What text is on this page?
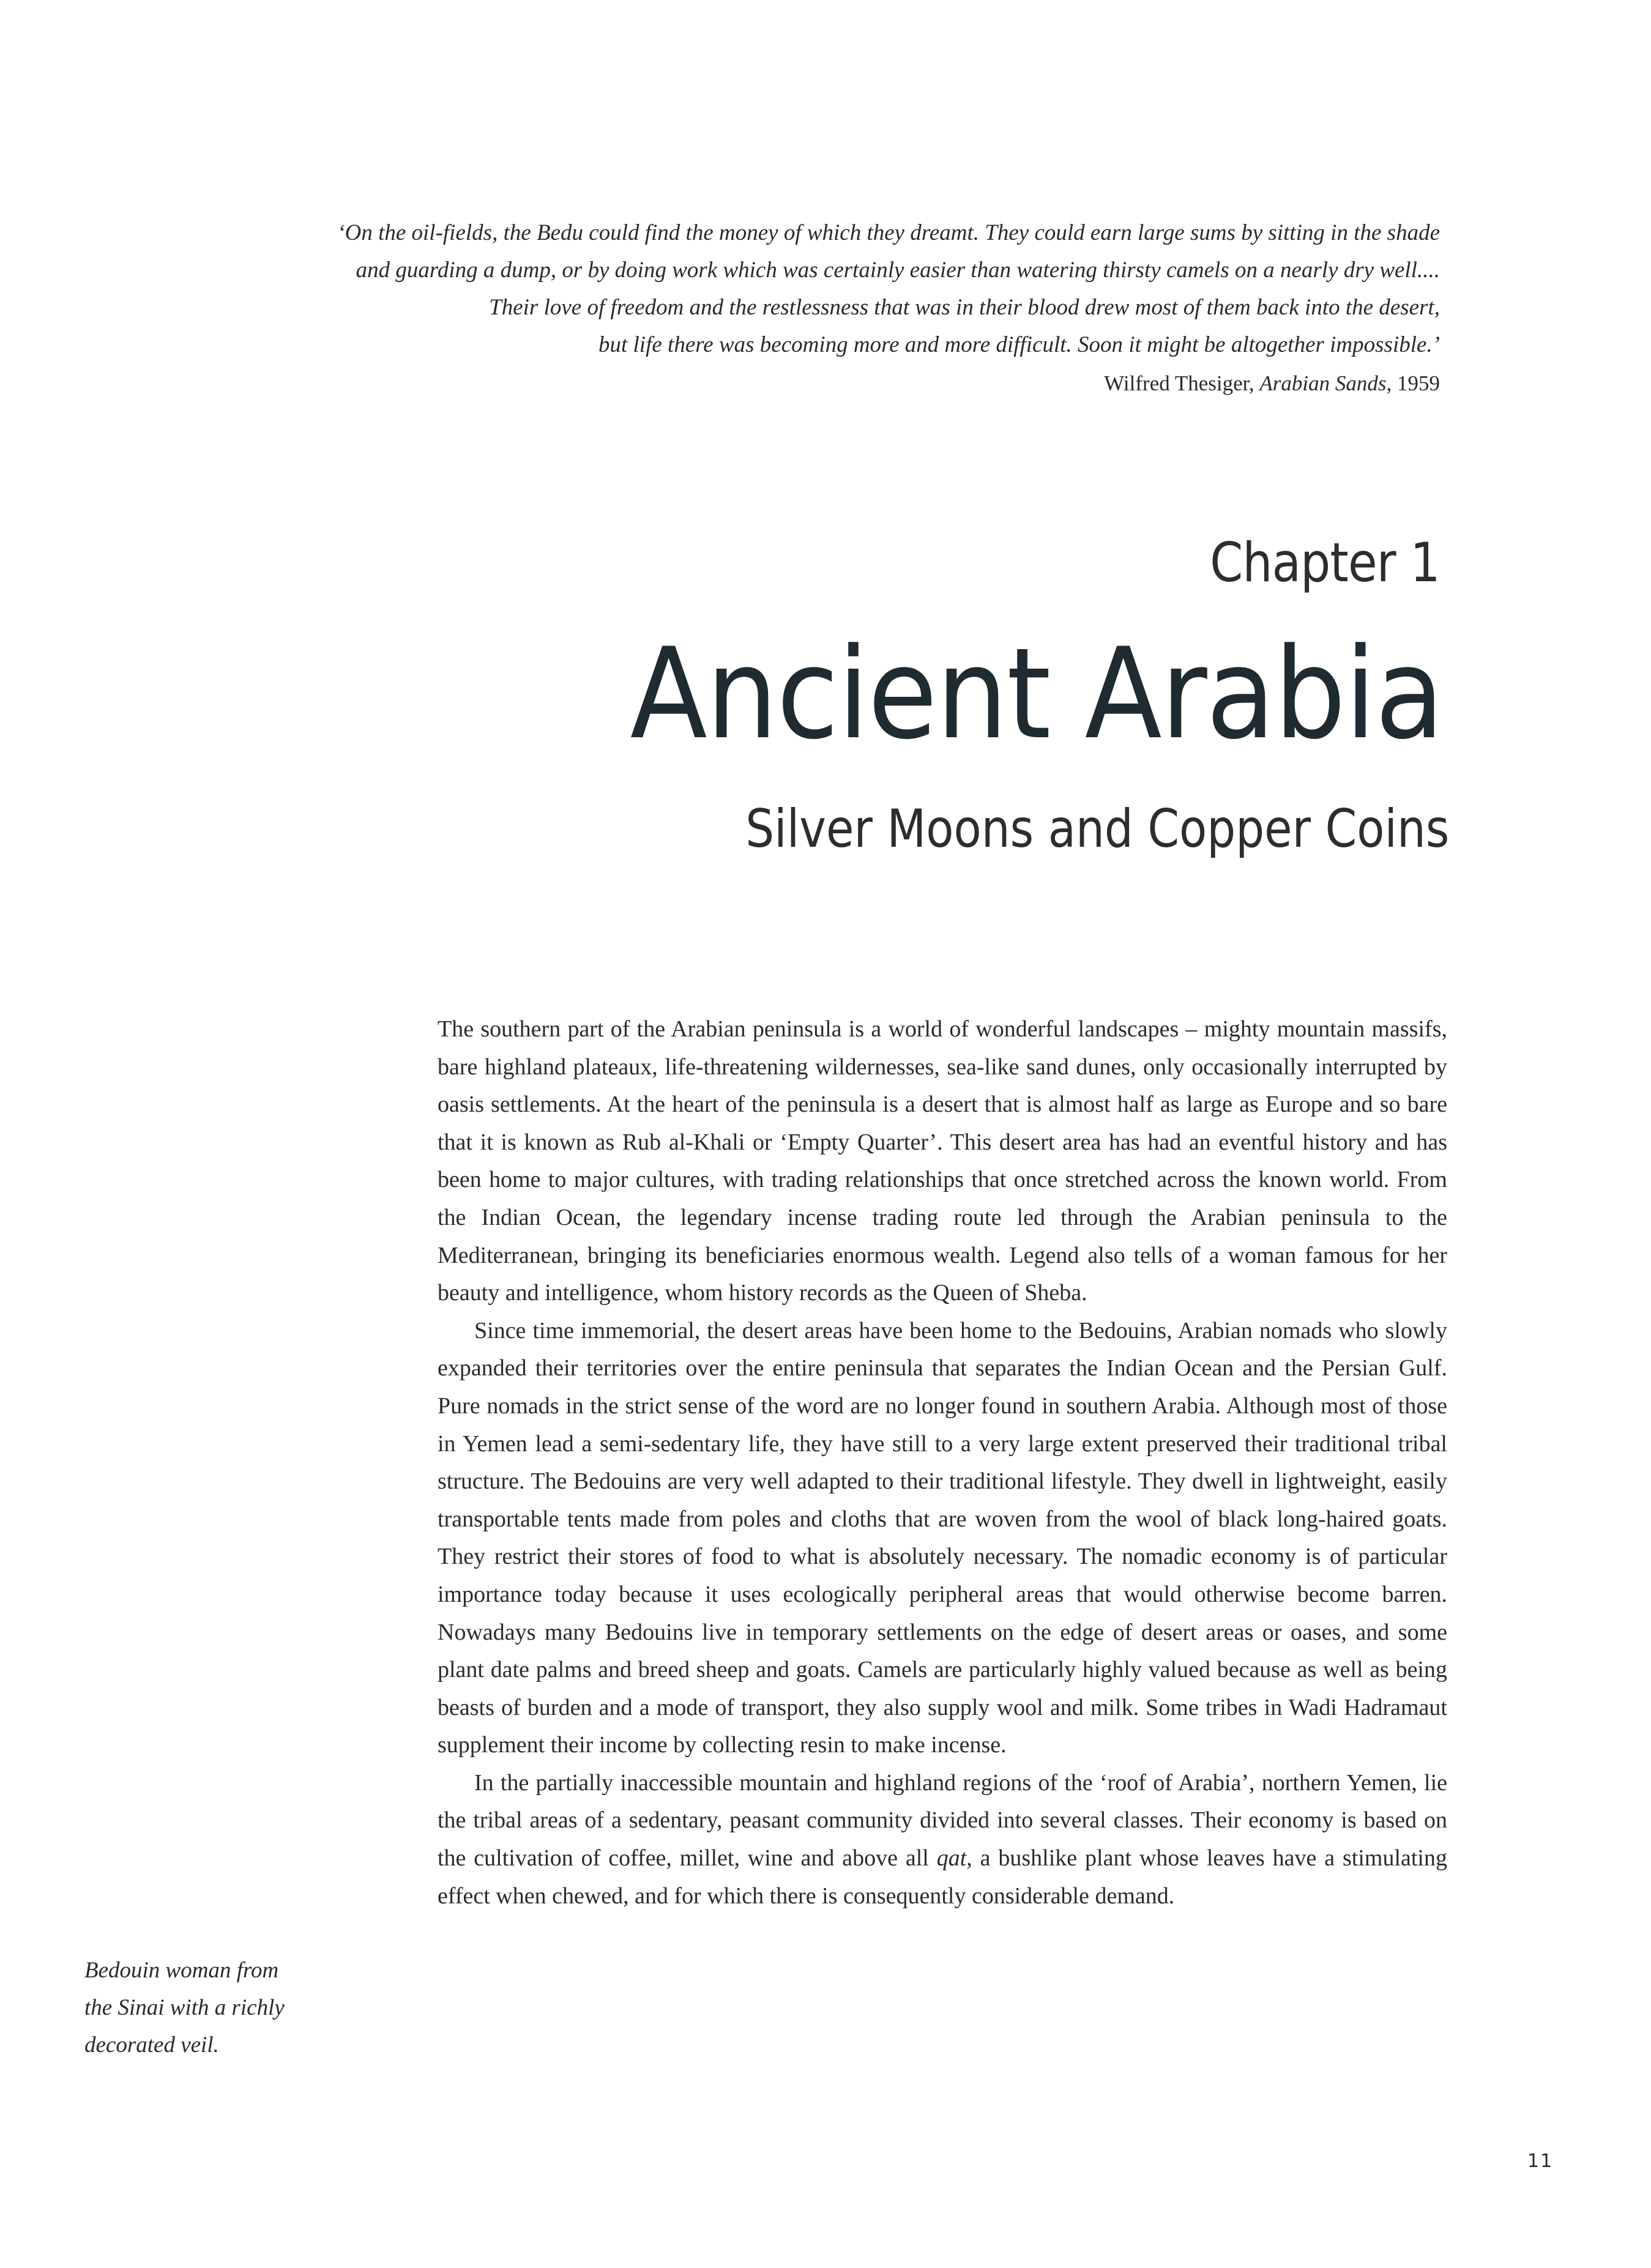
‘On the oil-fields, the Bedu could find the money of which they dreamt. They could earn large sums by sitting in the shade
and guarding a dump, or by doing work which was certainly easier than watering thirsty camels on a nearly dry well....
Their love of freedom and the restlessness that was in their blood drew most of them back into the desert,
but life there was becoming more and more difficult. Soon it might be altogether impossible.’
Wilfred Thesiger, Arabian Sands, 1959
Chapter 1
Ancient Arabia
Silver Moons and Copper Coins

The southern part of the Arabian peninsula is a world of wonderful landscapes – mighty mountain massifs, bare highland plateaux, life-threatening wildernesses, sea-like sand dunes, only occasionally interrupted by oasis settlements. At the heart of the peninsula is a desert that is almost half as large as Europe and so bare that it is known as Rub al-Khali or ‘Empty Quarter’. This desert area has had an eventful history and has been home to major cultures, with trading relationships that once stretched across the known world. From the Indian Ocean, the legendary incense trading route led through the Arabian peninsula to the Mediterranean, bringing its beneficiaries enormous wealth. Legend also tells of a woman famous for her beauty and intelligence, whom history records as the Queen of Sheba.

Since time immemorial, the desert areas have been home to the Bedouins, Arabian nomads who slowly expanded their territories over the entire peninsula that separates the Indian Ocean and the Persian Gulf. Pure nomads in the strict sense of the word are no longer found in southern Arabia. Although most of those in Yemen lead a semi-sedentary life, they have still to a very large extent preserved their traditional tribal structure. The Bedouins are very well adapted to their traditional lifestyle. They dwell in lightweight, easily transportable tents made from poles and cloths that are woven from the wool of black long-haired goats. They restrict their stores of food to what is absolutely necessary. The nomadic economy is of particular importance today because it uses ecologically peripheral areas that would otherwise become barren. Nowadays many Bedouins live in temporary settlements on the edge of desert areas or oases, and some plant date palms and breed sheep and goats. Camels are particularly highly valued because as well as being beasts of burden and a mode of transport, they also supply wool and milk. Some tribes in Wadi Hadramaut supplement their income by collecting resin to make incense.

In the partially inaccessible mountain and highland regions of the ‘roof of Arabia’, northern Yemen, lie the tribal areas of a sedentary, peasant community divided into several classes. Their economy is based on the cultivation of coffee, millet, wine and above all qat, a bushlike plant whose leaves have a stimulating effect when chewed, and for which there is consequently considerable demand.

Bedouin woman from
the Sinai with a richly
decorated veil.
11
